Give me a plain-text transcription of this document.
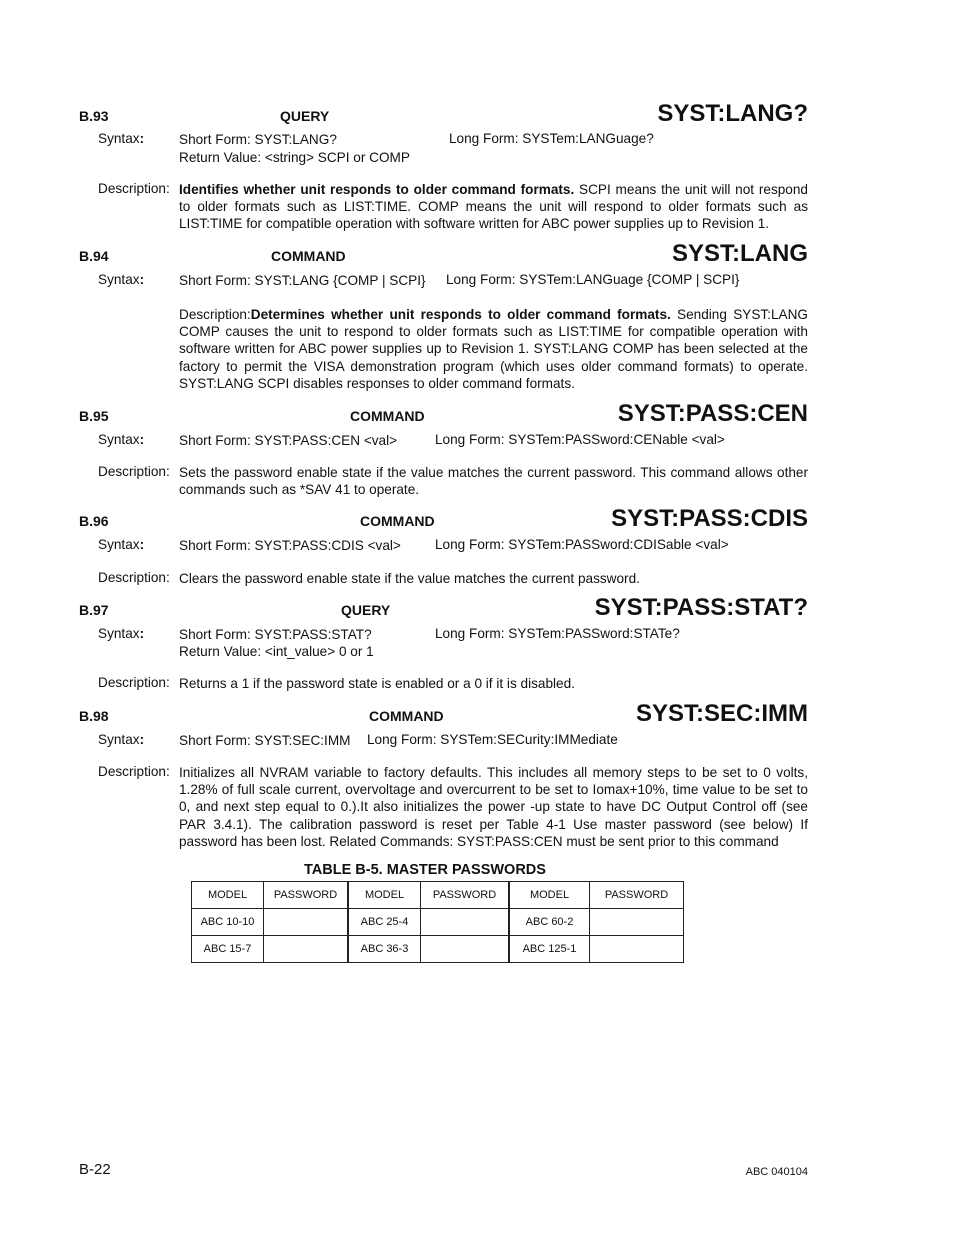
B.93	QUERY	SYST:LANG?
Syntax:	Short Form: SYST:LANG?	Long Form: SYSTem:LANGuage?
Return Value: <string> SCPI or COMP
Description: Identifies whether unit responds to older command formats. SCPI means the unit will not respond to older formats such as LIST:TIME. COMP means the unit will respond to older formats such as LIST:TIME for compatible operation with software written for ABC power supplies up to Revision 1.
B.94	COMMAND	SYST:LANG
Syntax:	Short Form: SYST:LANG {COMP | SCPI}	Long Form: SYSTem:LANGuage {COMP | SCPI}
Description:Determines whether unit responds to older command formats. Sending SYST:LANG COMP causes the unit to respond to older formats such as LIST:TIME for compatible operation with software written for ABC power supplies up to Revision 1. SYST:LANG COMP has been selected at the factory to permit the VISA demonstration program (which uses older command formats) to operate. SYST:LANG SCPI disables responses to older command formats.
B.95	COMMAND	SYST:PASS:CEN
Syntax:	Short Form: SYST:PASS:CEN <val>	Long Form: SYSTem:PASSword:CENable <val>
Description: Sets the password enable state if the value matches the current password. This command allows other commands such as *SAV 41 to operate.
B.96	COMMAND	SYST:PASS:CDIS
Syntax:	Short Form: SYST:PASS:CDIS <val>	Long Form: SYSTem:PASSword:CDISable <val>
Description: Clears the password enable state if the value matches the current password.
B.97	QUERY	SYST:PASS:STAT?
Syntax:	Short Form: SYST:PASS:STAT?	Long Form: SYSTem:PASSword:STATe?
Return Value: <int_value> 0 or 1
Description: Returns a 1 if the password state is enabled or a 0 if it is disabled.
B.98	COMMAND	SYST:SEC:IMM
Syntax:	Short Form: SYST:SEC:IMM	Long Form: SYSTem:SECurity:IMMediate
Description: Initializes all NVRAM variable to factory defaults. This includes all memory steps to be set to 0 volts, 1.28% of full scale current, overvoltage and overcurrent to be set to Iomax+10%, time value to be set to 0, and next step equal to 0.).It also initializes the power -up state to have DC Output Control off (see PAR 3.4.1). The calibration password is reset per Table 4-1 Use master password (see below) If password has been lost. Related Commands: SYST:PASS:CEN must be sent prior to this command
TABLE B-5. MASTER PASSWORDS
MODEL	PASSWORD	MODEL	PASSWORD	MODEL	PASSWORD
ABC 10-10		ABC 25-4		ABC 60-2	
ABC 15-7		ABC 36-3		ABC 125-1	
B-22	ABC 040104
